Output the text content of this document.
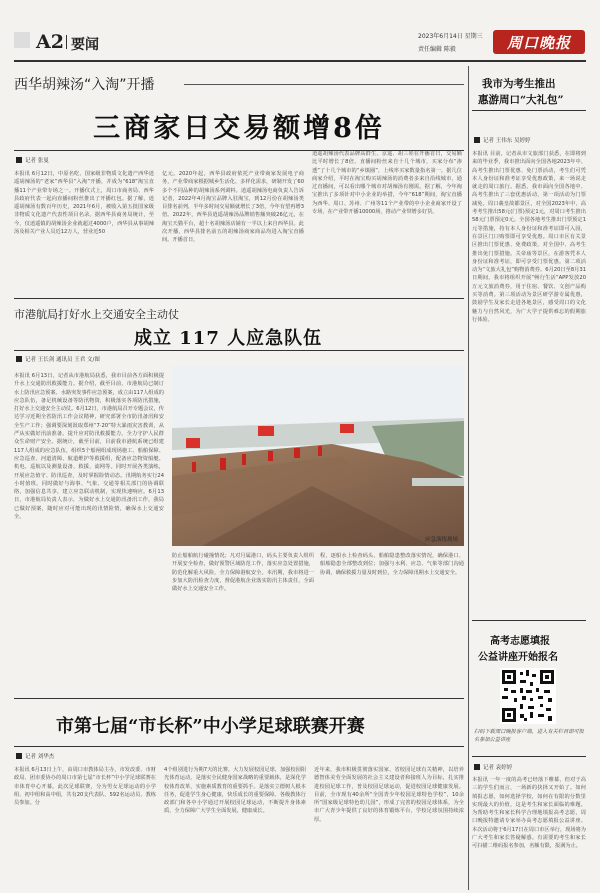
A2 要闻
2023年6月14日 星期三
责任编辑 陈毅	周口晚报
西华胡辣汤“入淘”开播
三商家日交易额增8倍
记者 张曼
本报讯 6月12日，中原名吃、国家级非物质文化遗产西华逍遥胡辣汤的“老家”西华县“入淘”开播，并成为“618”淘宝直播11个产业带专场之一。开播仪式上，周口市商务局、西华县政府代表一起向直播间粉丝推出了开播红包。据了解，逍遥胡辣汤有数百年历史，2021年6月，被收入第五批国家级非物质文化遗产代表性项目名录。据西华县商务局统计，至今，仅逍遥镇的胡辣汤企业就超过4000户，西华县从事胡辣汤及相关产业人员近12万人，营业近50
亿元。2020年起，西华县政府依托产业带商家发展电子商务，产业带商家根据城乡生活化、多样化需求，研制开发了60多个不同品种的胡辣汤系列调料。逍遥胡辣汤电商负责人告诉记者，2022年4月淘宝品牌入驻淘宝，到12月份在胡辣汤类目排名前列，半年多时间交易额就增长了3倍，今年有望再增3倍。2022年，西华县逍遥胡辣汤品牌销售额突破26亿元，在淘宝天猫平台，超十名胡辣汤店铺有一半以上来自西华县。此次开播，西华县排名前五的胡辣汤商家商品均进入淘宝直播间。开播首日，
逍遥胡辣汤代表品牌高群生、京遥、胡三娃在开播首日，交易额比平时增长了8倍。直播间粉丝来自十几个城市，买家分布“渗透”了十几个城市的“乡镇圈”，上线率买家数量指名第一。据几位商家介绍，平时在淘宝购买胡辣汤的消费者多来自沿线城市，通过直播间，可以看出哪个城市对胡辣汤有刚需。据了解，今年淘宝推出了多项针对中小企业的举措，今年“618”期间，淘宝直播为西华、周口、苏州、广州等11个产业带的中小企业商家开设了专场，在产业带开播10000场，推动产业带增多好货。
市港航局打好水上交通安全主动仗
成立 117 人应急队伍
记者 王长剑 通讯员 王君 文/图
本报讯 6月13日，记者从市港航局获悉，我市目前各方面积极提升水上交通防汛救援能力。据介绍，截至目前，市港航局已制订水上防汛应急预案、水路突发事件应急预案，成立由117人组成的应急队伍，备足机械设备等防汛物资，积极落实各项防汛措施，打好水上交通安全主动仗。6月12日，市港航局召开专题会议，传达学习近期全省防汛工作会议精神，研究部署全市防汛备汛和安全生产工作；强调要深刻汲取郑州“7·20”特大暴雨灾害教训，从严从实做好汛前准备。提升应对防汛救援能力，全力守护人民群众生命财产安全。据统计，截至目前，目前我市港航系统已组建117人组成的应急队伍，组织5个船闸组成现场施工、船舶保障、应急巡查、河道清障、航道维护等救援组，配备应急物资船艇、机电、巡航以及测量设备、救援、滤网等。同时开展各类演练，开展应急值守、防汛巡查，及时掌握险情动态。汛期航务实行24小时值班。同时做好与海事、气象、交通等相关部门的协调联络，加强信息共享，建立应急联动机制，实现快速响应。6月13日，市港航局负责人表示，为做好水上交通防汛备汛工作，我局已做好预案，随时应对可能出现的汛情险情，确保水上交通安全。
应急演练现场
防止船舶航行碰撞情况；凡对月属港口，码头主要负责人组织开展安全检查，做好预警区域防范工作，落实应急处置措施，防范化解重大风险，全力保障港航安全。本汛期，我市将进一步加大防汛检查力度，督促港航企业落实防汛主体责任，全面做好水上交通安全工作。
程，逐船水上检查码头、船舶隐患整改落实情况，确保港口、船舶隐患全部整改到位；加强与水利、应急、气象等部门沟通协调，确保救援力量及时到位，全力保障汛期水上交通安全。
市第七届“市长杯”中小学足球联赛开赛
记者 刘华杰
本报讯 6月13日上午，由周口市教体局主办，市发改委、市财政局、团市委协办的周口市第七届“市长杯”中小学足球联赛在市体育中心开幕。此次足球联赛，分为男女足球运动的小学组、初中组和高中组，共有20支代表队、592名运动员、教练员参加。分
4个组别进行为期7天的比赛。大力发展校园足球，加强校园阳光体育运动，是落实全民健身国家战略的重要载体，是深化学校体育改革，实施素质教育的重要抓手。是落实立德树人根本任务，促进学生身心健康，快乐成长的重要保障。各级教体行政部门和各中小学通过开展校园足球运动，不断提升身体素质，全力保障广大学生全面发展，健康成长。
近年来，我市积极贯彻落实国家、省校园足球有关精神，以培养德智体美劳全面发展的社会主义建设者和接班人为目标，扎实推进校园足球工作，普及校园足球运动，促进校园足球健康发展。目前，全市现有40余所“全国青少年校园足球特色学校”，10余所“国家级足球特色幼儿园”，形成了完善的校园足球体系，为全市广大青少年提供了良好的体育锻炼平台，学校足球氛围持续浓厚。
我市为考生推出
惠游周口“大礼包”
记者 王伟东 吴婷婷
本报讯 目前，记者从市文旅部门获悉，在即将到来的毕业季，我市推出面向全国各地2023年中、高考生推出门票优惠、免门票活动，考生们可凭本人身份证和准考证享受优惠政策，来一场说走就走的周口旅行。据悉，我市面向全国各地中、高考生推出了三套优惠活动，第一项活动为门票减免。周口羲皇故都景区，对全国2023年中、高考考生推出58元(门票)预定1元，对周口考生推出58元门票预定0元。全国各地考生推出门票预定1元等措施，持有本人身份证和准考证即可入园，在景区门口购票即可享受优惠。周口市区有关景区推出门票优惠、免费政策，对全国中、高考生推出免门票措施。关帝庙等景区，在游客凭本人身份证和准考证，即可享受门票优惠。第二项活动为“文旅大礼包”购物消费券。6月20日至8月31日期间，我市将组织开展“畅行生活”APP发放20万元文旅消费券，用于住宿、餐饮、文创产品购买等消费。第三项活动为景区研学游专属优惠，鼓励学生及家长走进各地景区，感受周口的文化魅力与自然风光，为广大学子提供难忘的假期旅行体验。
高考志愿填报
公益讲座开始报名
扫码下载周口晚报客户端，进入有关栏目即可报名参加公益讲座
记者 袁婷婷
本报讯 一年一度的高考已经落下帷幕，但对于高三的学生们而言，一场新的抉择又开始了。如何填报志愿，如何选择学校，如何在有限的分数里实现最大的价值，这是考生和家长面临的难题。为帮助考生和家长科学合理地填报高考志愿，周口晚报特邀请专家举办高考志愿填报公益讲座。本次活动将于6月17日在周口市区举行，现场将为广大考生和家长答疑解惑。有需要的考生和家长可扫描二维码报名参加，名额有限，报满为止。
